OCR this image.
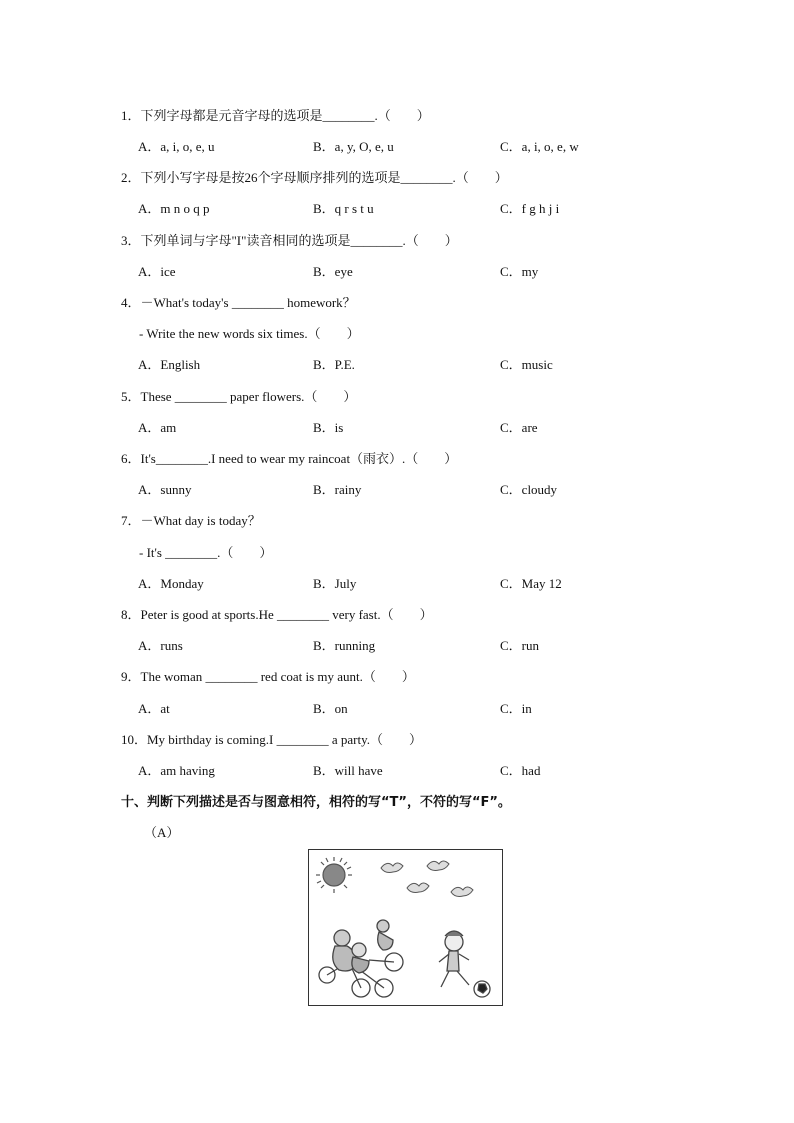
1．下列字母都是元音字母的选项是________.（　　）
A．a, i, o, e, u	B．a, y, O, e, u	C．a, i, o, e, w
2．下列小写字母是按26个字母顺序排列的选项是________.（　　）
A．m n o q p	B．q r s t u	C．f g h j i
3．下列单词与字母"I"读音相同的选项是________.（　　）
A．ice	B．eye	C．my
4．－What's today's ________ homework？
- Write the new words six times.（　　）
A．English	B．P.E.	C．music
5．These ________ paper flowers.（　　）
A．am	B．is	C．are
6．It's________.I need to wear my raincoat（雨衣）.（　　）
A．sunny	B．rainy	C．cloudy
7．－What day is today？
- It's ________.（　　）
A．Monday	B．July	C．May 12
8．Peter is good at sports.He ________ very fast.（　　）
A．runs	B．running	C．run
9．The woman ________ red coat is my aunt.（　　）
A．at	B．on	C．in
10．My birthday is coming.I ________ a party.（　　）
A．am having	B．will have	C．had
十、判断下列描述是否与图意相符，相符的写“T”，不符的写“F”。
（A）
